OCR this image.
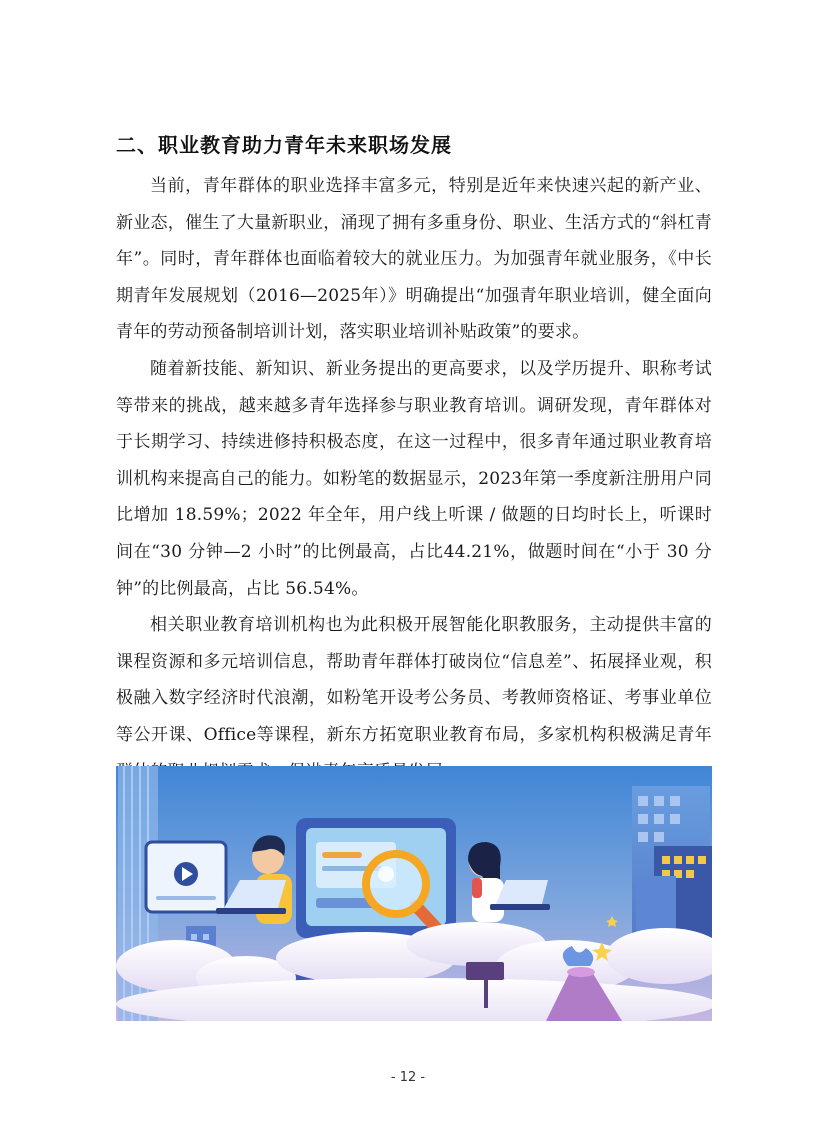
二、职业教育助力青年未来职场发展

当前，青年群体的职业选择丰富多元，特别是近年来快速兴起的新产业、新业态，催生了大量新职业，涌现了拥有多重身份、职业、生活方式的“斜杠青年”。同时，青年群体也面临着较大的就业压力。为加强青年就业服务，《中长期青年发展规划（2016—2025年）》明确提出“加强青年职业培训，健全面向青年的劳动预备制培训计划，落实职业培训补贴政策”的要求。

随着新技能、新知识、新业务提出的更高要求，以及学历提升、职称考试等带来的挑战，越来越多青年选择参与职业教育培训。调研发现，青年群体对于长期学习、持续进修持积极态度，在这一过程中，很多青年通过职业教育培训机构来提高自己的能力。如粉笔的数据显示，2023年第一季度新注册用户同比增加 18.59%；2022 年全年，用户线上听课 / 做题的日均时长上，听课时间在“30 分钟—2 小时”的比例最高，占比44.21%，做题时间在“小于 30 分钟”的比例最高，占比 56.54%。

相关职业教育培训机构也为此积极开展智能化职教服务，主动提供丰富的课程资源和多元培训信息，帮助青年群体打破岗位“信息差”、拓展择业观，积极融入数字经济时代浪潮，如粉笔开设考公务员、考教师资格证、考事业单位等公开课、Office等课程，新东方拓宽职业教育布局，多家机构积极满足青年

- 12 -
